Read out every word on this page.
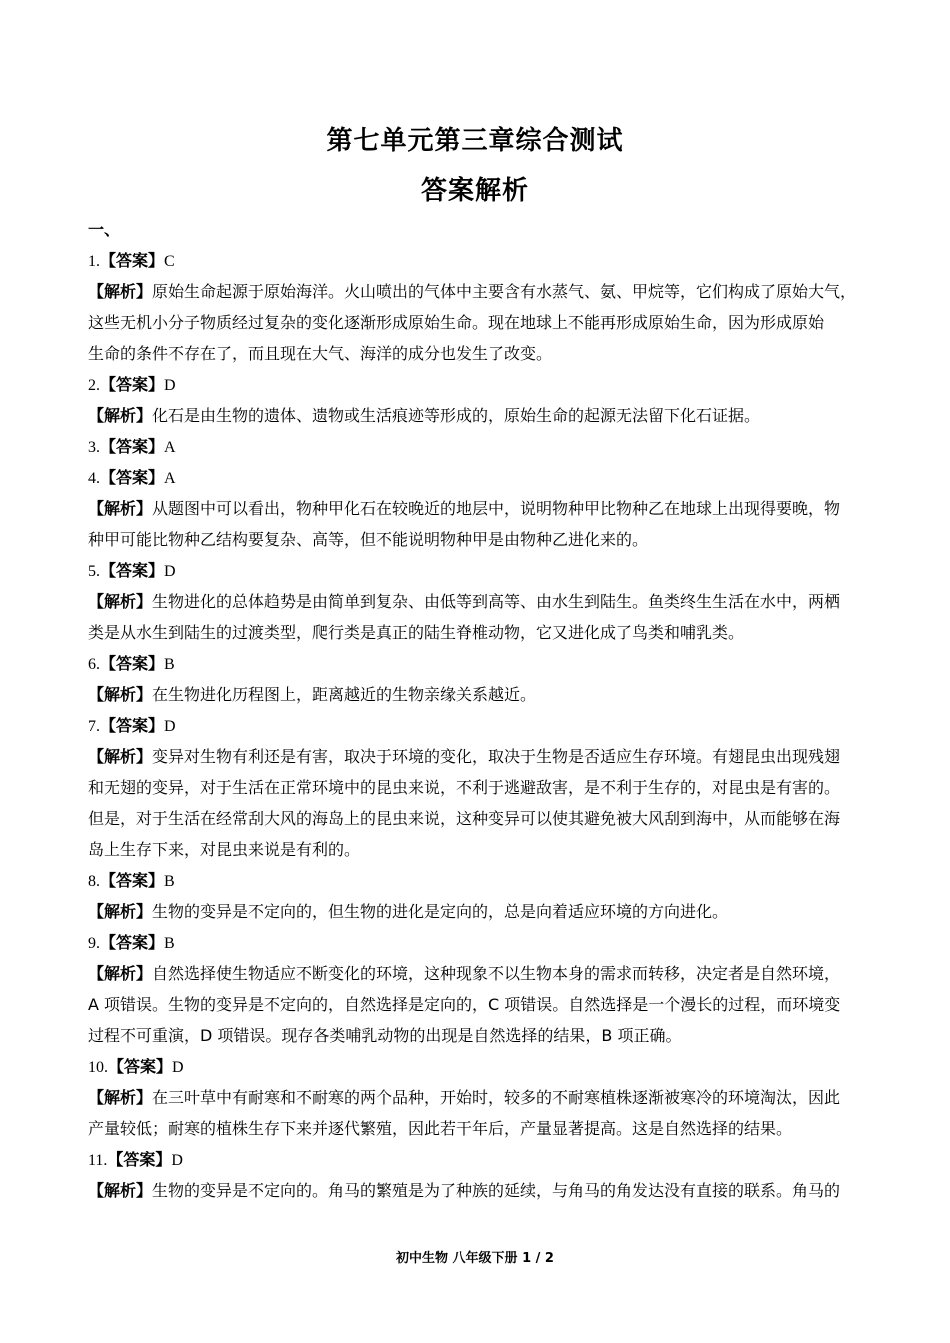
第七单元第三章综合测试
答案解析
一、
1.【答案】C
【解析】原始生命起源于原始海洋。火山喷出的气体中主要含有水蒸气、氨、甲烷等，它们构成了原始大气，
这些无机小分子物质经过复杂的变化逐渐形成原始生命。现在地球上不能再形成原始生命，因为形成原始
生命的条件不存在了，而且现在大气、海洋的成分也发生了改变。
2.【答案】D
【解析】化石是由生物的遗体、遗物或生活痕迹等形成的，原始生命的起源无法留下化石证据。
3.【答案】A
4.【答案】A
【解析】从题图中可以看出，物种甲化石在较晚近的地层中，说明物种甲比物种乙在地球上出现得要晚，物
种甲可能比物种乙结构要复杂、高等，但不能说明物种甲是由物种乙进化来的。
5.【答案】D
【解析】生物进化的总体趋势是由简单到复杂、由低等到高等、由水生到陆生。鱼类终生生活在水中，两栖
类是从水生到陆生的过渡类型，爬行类是真正的陆生脊椎动物，它又进化成了鸟类和哺乳类。
6.【答案】B
【解析】在生物进化历程图上，距离越近的生物亲缘关系越近。
7.【答案】D
【解析】变异对生物有利还是有害，取决于环境的变化，取决于生物是否适应生存环境。有翅昆虫出现残翅
和无翅的变异，对于生活在正常环境中的昆虫来说，不利于逃避敌害，是不利于生存的，对昆虫是有害的。
但是，对于生活在经常刮大风的海岛上的昆虫来说，这种变异可以使其避免被大风刮到海中，从而能够在海
岛上生存下来，对昆虫来说是有利的。
8.【答案】B
【解析】生物的变异是不定向的，但生物的进化是定向的，总是向着适应环境的方向进化。
9.【答案】B
【解析】自然选择使生物适应不断变化的环境，这种现象不以生物本身的需求而转移，决定者是自然环境，
A 项错误。生物的变异是不定向的，自然选择是定向的，C 项错误。自然选择是一个漫长的过程，而环境变
过程不可重演，D 项错误。现存各类哺乳动物的出现是自然选择的结果，B 项正确。
10.【答案】D
【解析】在三叶草中有耐寒和不耐寒的两个品种，开始时，较多的不耐寒植株逐渐被寒冷的环境淘汰，因此
产量较低；耐寒的植株生存下来并逐代繁殖，因此若干年后，产量显著提高。这是自然选择的结果。
11.【答案】D
【解析】生物的变异是不定向的。角马的繁殖是为了种族的延续，与角马的角发达没有直接的联系。角马的
初中生物 八年级下册 1 / 2
